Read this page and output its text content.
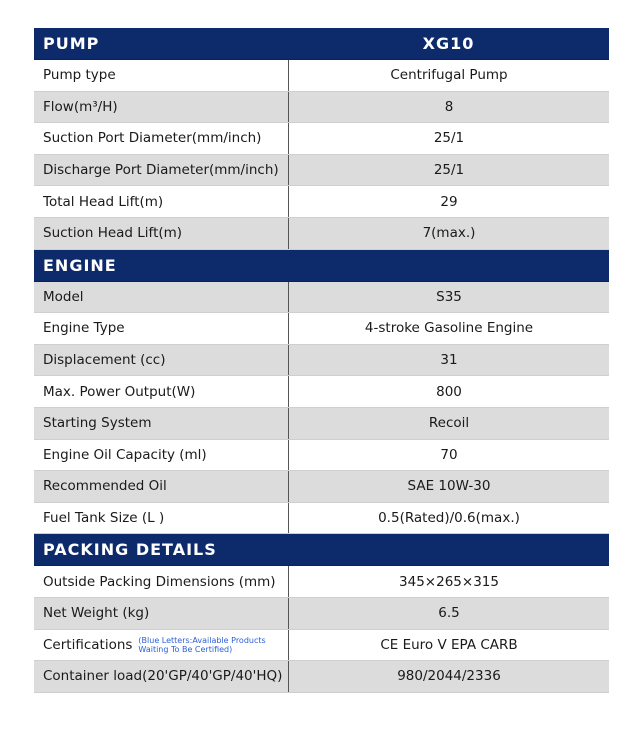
PUMP	XG10
Pump type	Centrifugal Pump
Flow(m³/H)	8
Suction Port Diameter(mm/inch)	25/1
Discharge Port Diameter(mm/inch)	25/1
Total Head Lift(m)	29
Suction Head Lift(m)	7(max.)
ENGINE
Model	S35
Engine Type	4-stroke Gasoline Engine
Displacement (cc)	31
Max. Power Output(W)	800
Starting System	Recoil
Engine Oil Capacity (ml)	70
Recommended Oil	SAE 10W-30
Fuel Tank Size (L )	0.5(Rated)/0.6(max.)
PACKING DETAILS
Outside Packing Dimensions (mm)	345×265×315
Net Weight (kg)	6.5
Certifications (Blue Letters:Available Products Waiting To Be Certified)	CE Euro V EPA CARB
Container load(20'GP/40'GP/40'HQ)	980/2044/2336
